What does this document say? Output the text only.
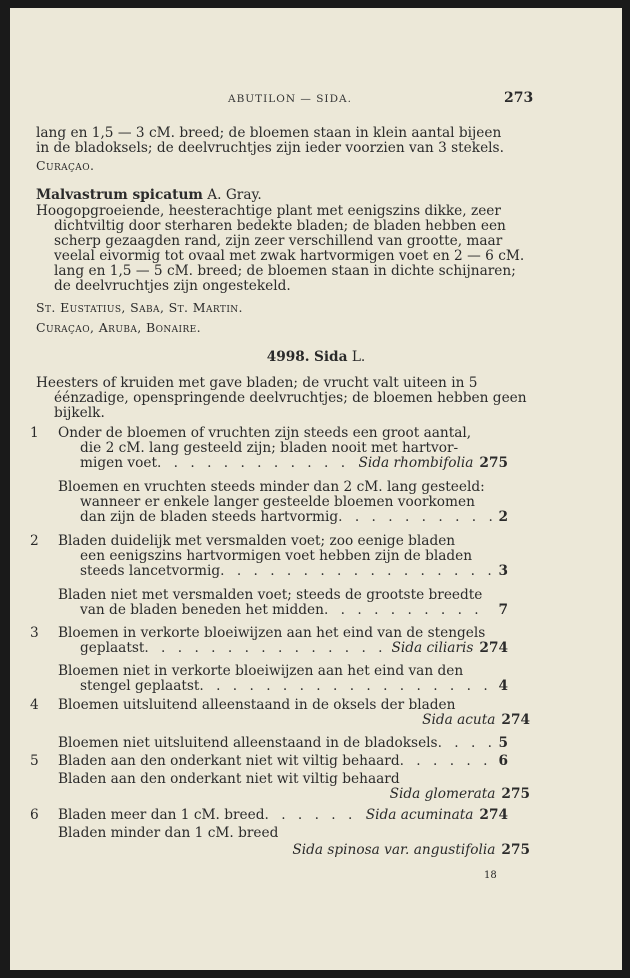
ABUTILON — SIDA.	273
lang en 1,5 — 3 cM. breed; de bloemen staan in klein aantal bijeen
in de bladoksels; de deelvruchtjes zijn ieder voorzien van 3 stekels.
Curaçao.
Malvastrum spicatum A. Gray.
Hoogopgroeiende, heesterachtige plant met eenigszins dikke, zeer
dichtviltig door sterharen bedekte bladen; de bladen hebben een
scherp gezaagden rand, zijn zeer verschillend van grootte, maar
veelal eivormig tot ovaal met zwak hartvormigen voet en 2 — 6 cM.
lang en 1,5 — 5 cM. breed; de bloemen staan in dichte schijnaren;
de deelvruchtjes zijn ongestekeld.
St. Eustatius, Saba, St. Martin.
Curaçao, Aruba, Bonaire.
4998. Sida L.
Heesters of kruiden met gave bladen; de vrucht valt uiteen in 5
éénzadige, openspringende deelvruchtjes; de bloemen hebben geen
bijkelk.
1	Onder de bloemen of vruchten zijn steeds een groot aantal,
die 2 cM. lang gesteeld zijn; bladen nooit met hartvor-
migen voet . . .	Sida rhombifolia 275
Bloemen en vruchten steeds minder dan 2 cM. lang gesteeld:
wanneer er enkele langer gesteelde bloemen voorkomen
dan zijn de bladen steeds hartvormig . . .	2
2	Bladen duidelijk met versmalden voet; zoo eenige bladen
een eenigszins hartvormigen voet hebben zijn de bladen
steeds lancetvormig . . .	3
Bladen niet met versmalden voet; steeds de grootste breedte
van de bladen beneden het midden . . .	7
3	Bloemen in verkorte bloeiwijzen aan het eind van de stengels
geplaatst . . .	Sida ciliaris 274
Bloemen niet in verkorte bloeiwijzen aan het eind van den
stengel geplaatst . . .	4
4	Bloemen uitsluitend alleenstaand in de oksels der bladen
Sida acuta 274
Bloemen niet uitsluitend alleenstaand in de bladoksels . . .	5
5	Bladen aan den onderkant niet wit viltig behaard . . .	6
Bladen aan den onderkant niet wit viltig behaard
Sida glomerata 275
6	Bladen meer dan 1 cM. breed . . .	Sida acuminata 274
Bladen minder dan 1 cM. breed
Sida spinosa var. angustifolia 275
18
